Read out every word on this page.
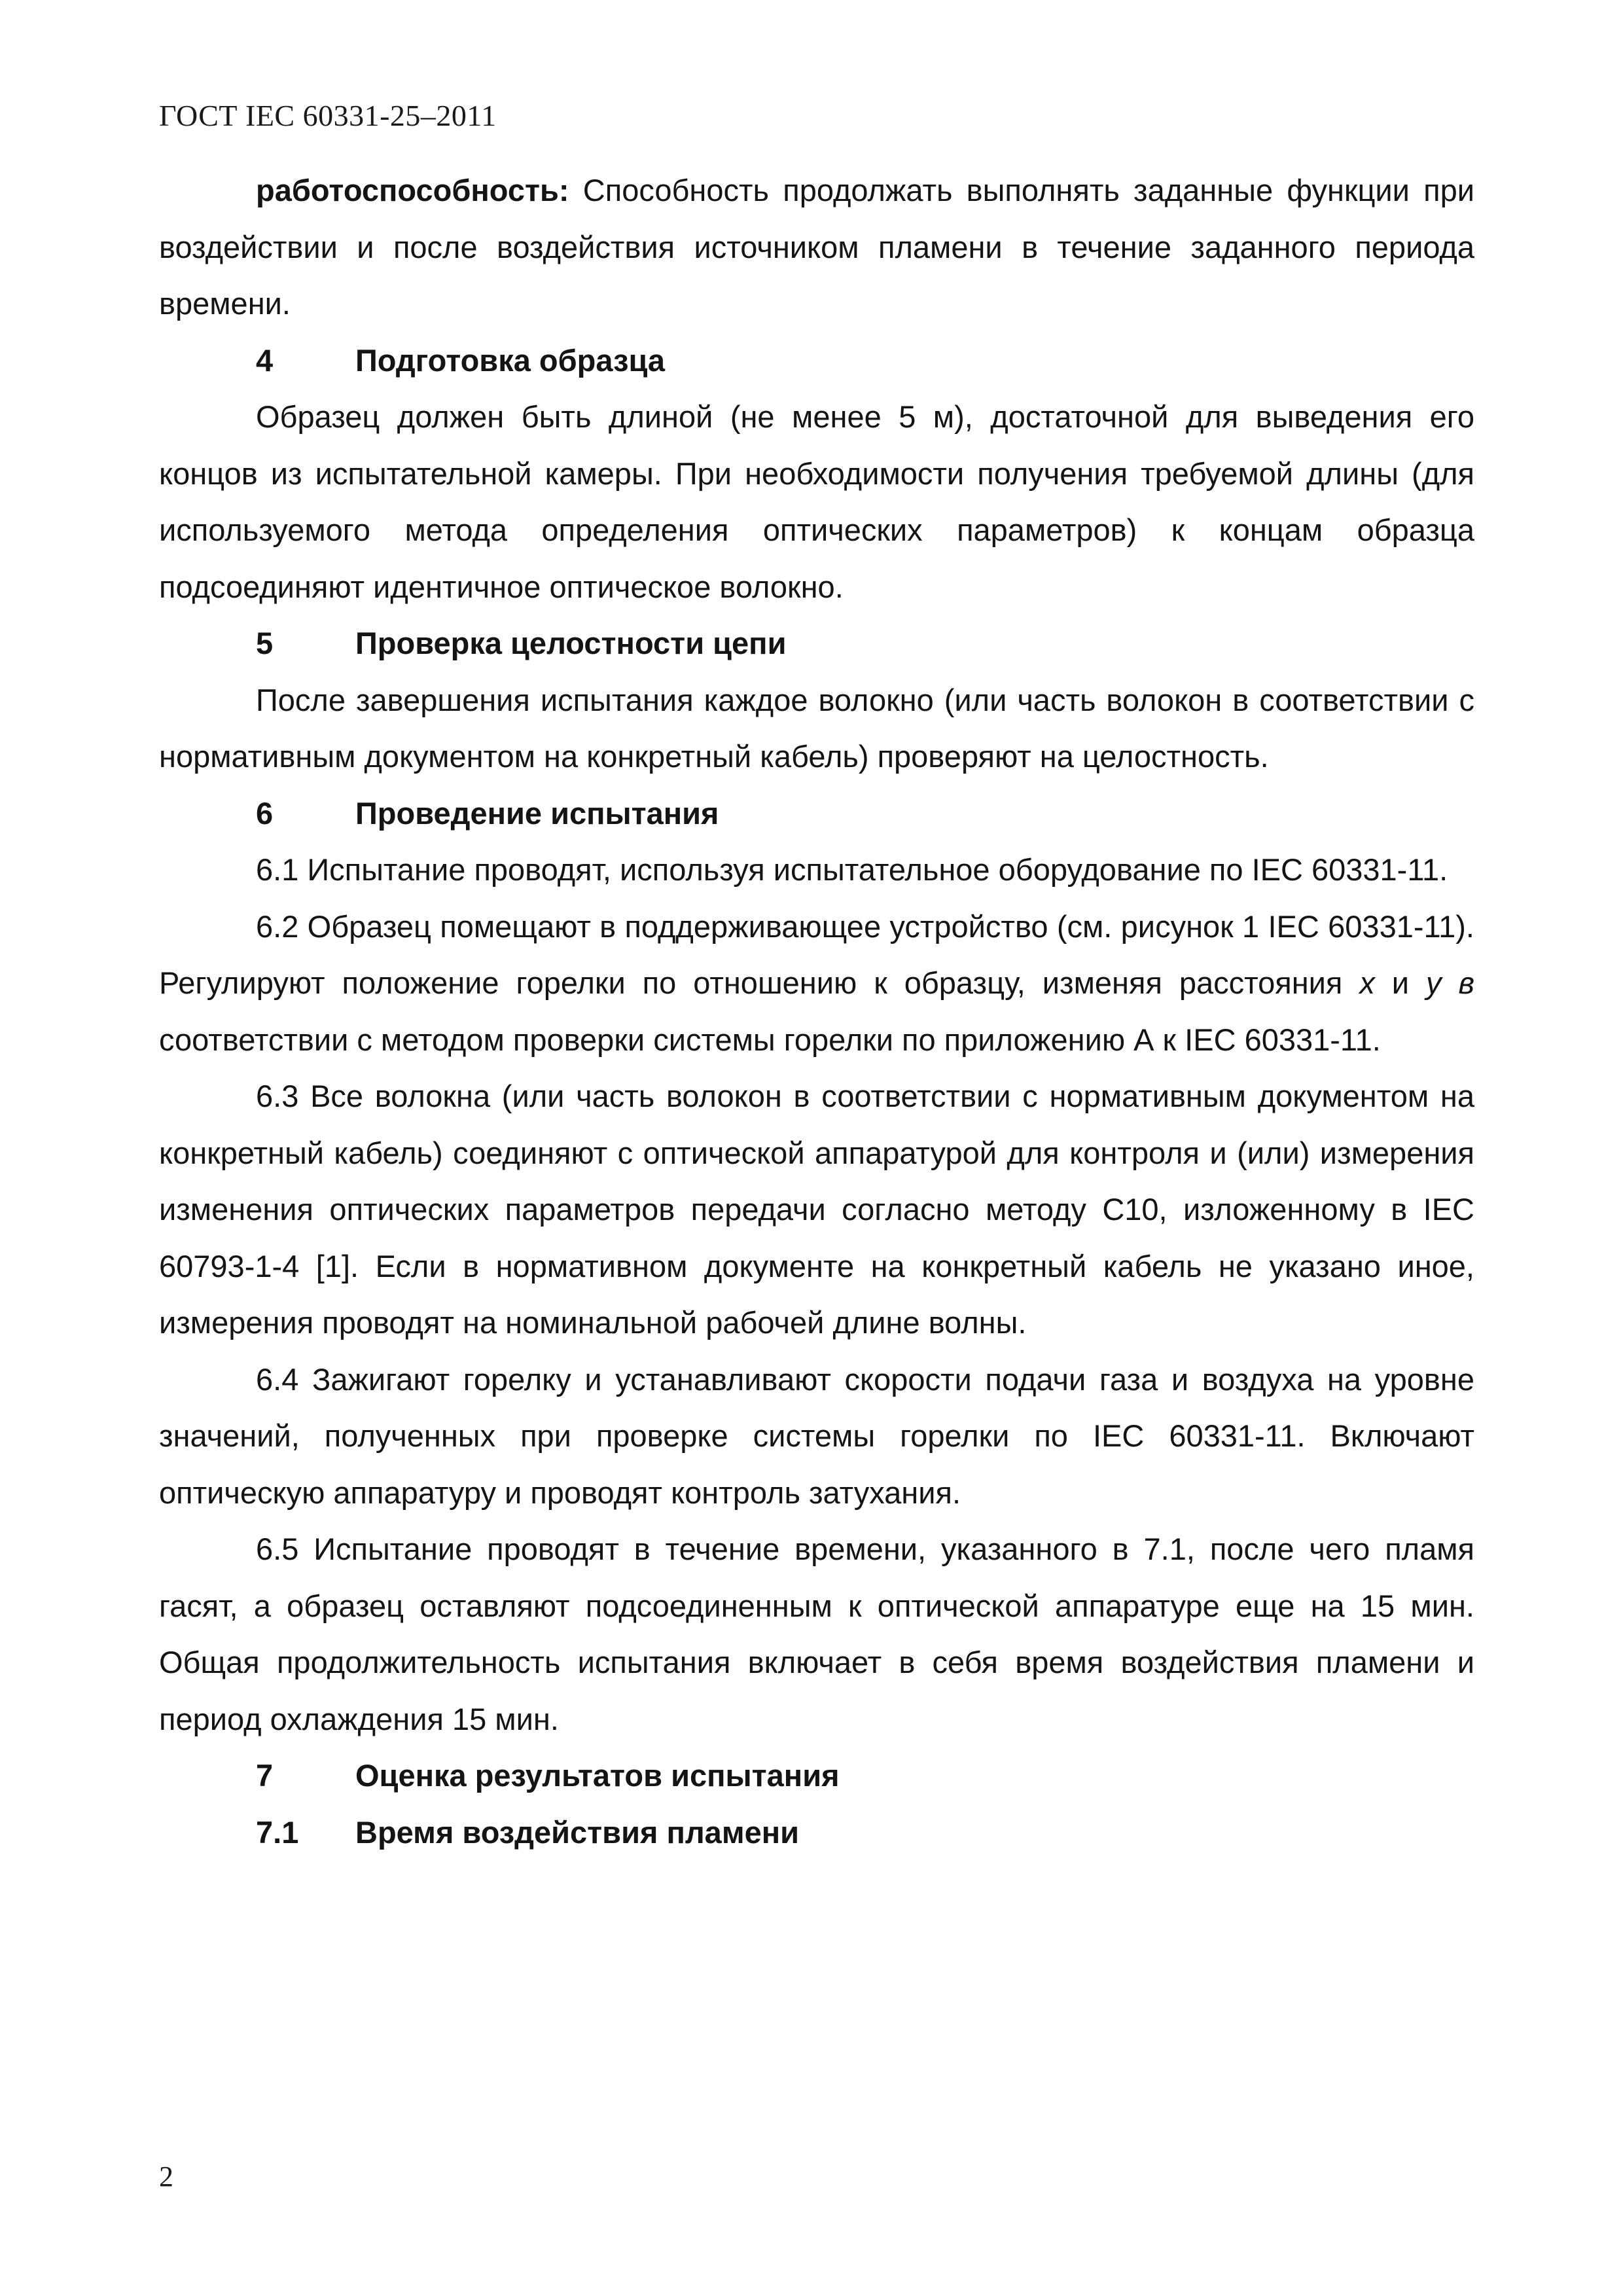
ГОСТ IEC 60331-25–2011

работоспособность: Способность продолжать выполнять заданные функции при воздействии и после воздействия источником пламени в течение заданного периода времени.

4	Подготовка образца

Образец должен быть длиной (не менее 5 м), достаточной для выведения его концов из испытательной камеры. При необходимости получения требуемой длины (для используемого метода определения оптических параметров) к концам образца подсоединяют идентичное оптическое волокно.

5	Проверка целостности цепи

После завершения испытания каждое волокно (или часть волокон в соответствии с нормативным документом на конкретный кабель) проверяют на целостность.

6	Проведение испытания

6.1 Испытание проводят, используя испытательное оборудование по IEC 60331-11.

6.2 Образец помещают в поддерживающее устройство (см. рисунок 1 IEC 60331-11). Регулируют положение горелки по отношению к образцу, изменяя расстояния x и у в соответствии с методом проверки системы горелки по приложению А к IEC 60331-11.

6.3 Все волокна (или часть волокон в соответствии с нормативным документом на конкретный кабель) соединяют с оптической аппаратурой для контроля и (или) измерения изменения оптических параметров передачи согласно методу С10, изложенному в IEC 60793-1-4 [1]. Если в нормативном документе на конкретный кабель не указано иное, измерения проводят на номинальной рабочей длине волны.

6.4 Зажигают горелку и устанавливают скорости подачи газа и воздуха на уровне значений, полученных при проверке системы горелки по IEC 60331-11. Включают оптическую аппаратуру и проводят контроль затухания.

6.5 Испытание проводят в течение времени, указанного в 7.1, после чего пламя гасят, а образец оставляют подсоединенным к оптической аппаратуре еще на 15 мин. Общая продолжительность испытания включает в себя время воздействия пламени и период охлаждения 15 мин.

7	Оценка результатов испытания
7.1	Время воздействия пламени
2
